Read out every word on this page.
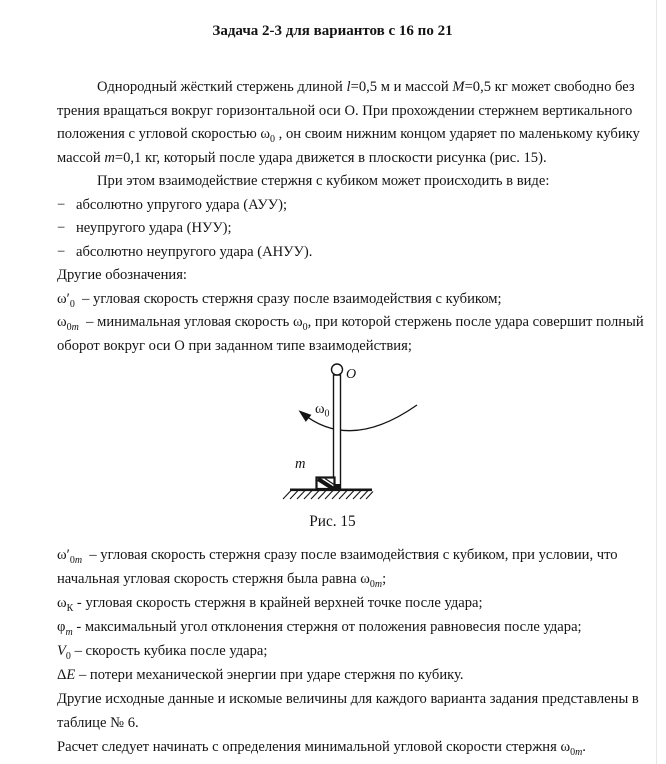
Задача 2-3 для вариантов с 16 по 21

Однородный жёсткий стержень длиной l=0,5 м и массой M=0,5 кг может свободно без

трения вращаться вокруг горизонтальной оси О. При прохождении стержнем вертикального

положения с угловой скоростью $\omega_0$ , он своим нижним концом ударяет по маленькому кубику

массой m=0,1 кг, который после удара движется в плоскости рисунка (рис. 15).

При этом взаимодействие стержня с кубиком может происходить в виде:

− абсолютно упругого удара (АУУ);

− неупругого удара (НУУ);

− абсолютно неупругого удара (АНУУ).

Другие обозначения:

$\omega'_0$  – угловая скорость стержня сразу после взаимодействия с кубиком;

$\omega_{0m}$  – минимальная угловая скорость $\omega_0$, при которой стержень после удара совершит полный

оборот вокруг оси О при заданном типе взаимодействия;

O
$\omega_0$
m
Рис. 15

$\omega'_{0m}$  – угловая скорость стержня сразу после взаимодействия с кубиком, при условии, что

начальная угловая скорость стержня была равна $\omega_{0m}$;

$\omega_К$ - угловая скорость стержня в крайней верхней точке после удара;

$\varphi_m$ - максимальный угол отклонения стержня от положения равновесия после удара;

$V_0$ – скорость кубика после удара;

ΔE – потери механической энергии при ударе стержня по кубику.

Другие исходные данные и искомые величины для каждого варианта задания представлены в

таблице № 6.

Расчет следует начинать с определения минимальной угловой скорости стержня $\omega_{0m}$.
